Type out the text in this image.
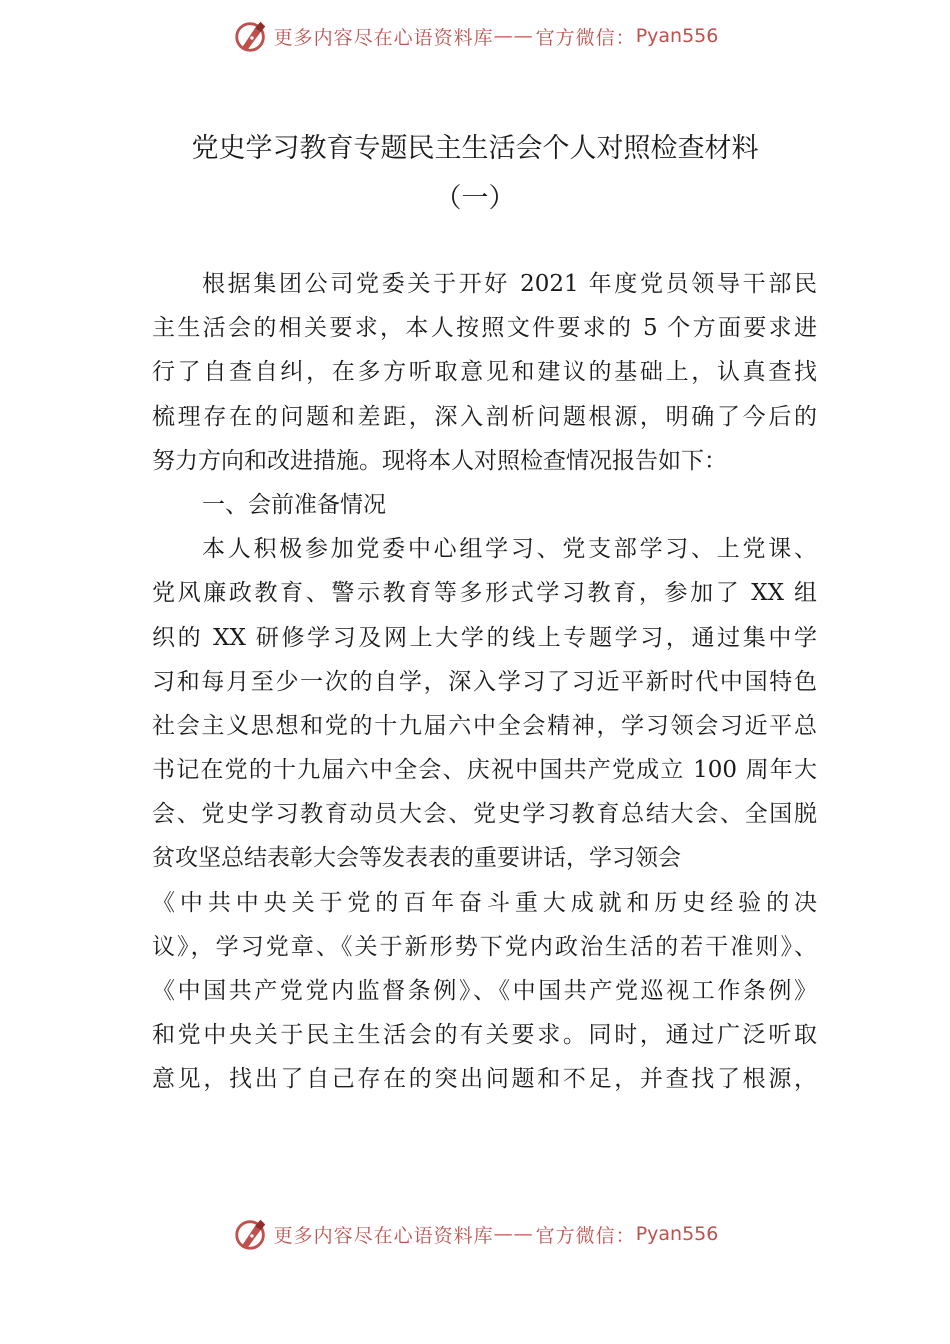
更多内容尽在心语资料库 —— 官方微信： Pyan556
党史学习教育专题民主生活会个人对照检查材料
（一）
根据集团公司党委关于开好 2021 年度党员领导干部民
主生活会的相关要求，本人按照文件要求的 5 个方面要求进
行了自查自纠，在多方听取意见和建议的基础上，认真查找
梳理存在的问题和差距，深入剖析问题根源，明确了今后的
努力方向和改进措施。现将本人对照检查情况报告如下：
一、会前准备情况
本人积极参加党委中心组学习、党支部学习、上党课、
党风廉政教育、警示教育等多形式学习教育，参加了 XX 组
织的 XX 研修学习及网上大学的线上专题学习，通过集中学
习和每月至少一次的自学，深入学习了习近平新时代中国特色
社会主义思想和党的十九届六中全会精神，学习领会习近平总
书记在党的十九届六中全会、庆祝中国共产党成立 100 周年大
会、党史学习教育动员大会、党史学习教育总结大会、全国脱
贫攻坚总结表彰大会等发表表的重要讲话，学习领会
《中共中央关于党的百年奋斗重大成就和历史经验的决
议》，学习党章、《关于新形势下党内政治生活的若干准则》、
《中国共产党党内监督条例》、《中国共产党巡视工作条例》
和党中央关于民主生活会的有关要求。同时，通过广泛听取
意见，找出了自己存在的突出问题和不足，并查找了根源，
更多内容尽在心语资料库 —— 官方微信： Pyan556
